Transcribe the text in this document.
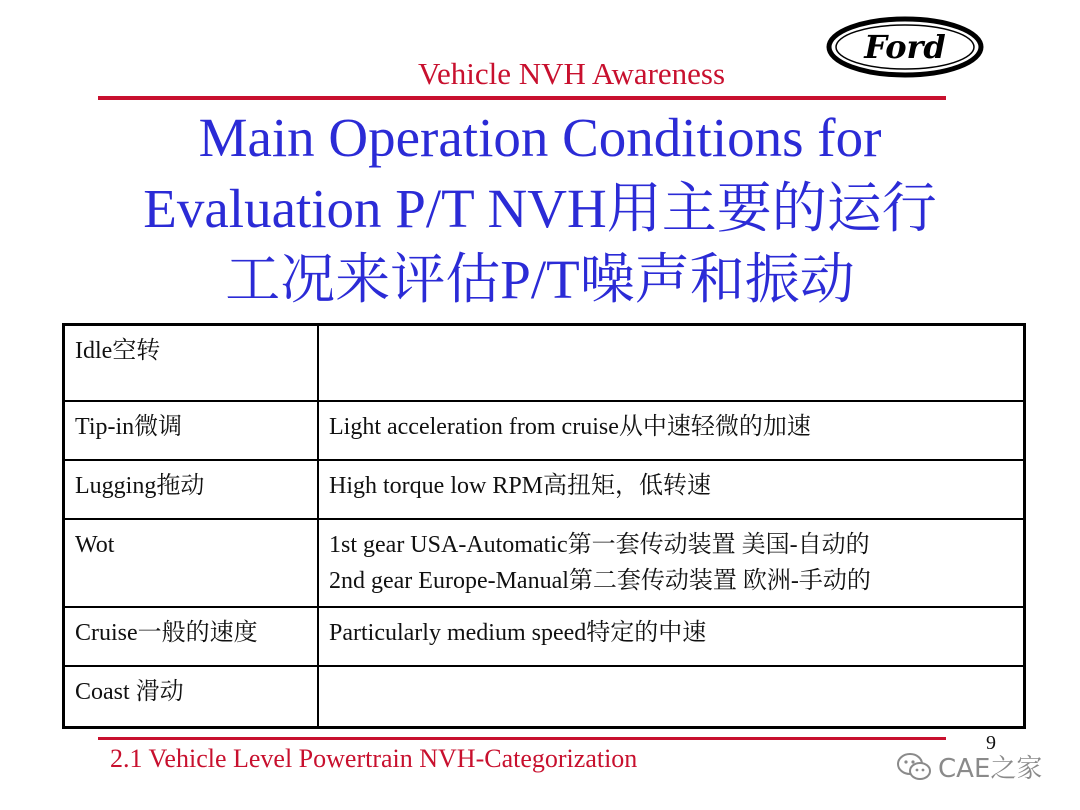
Vehicle NVH Awareness
Ford
Main Operation Conditions for
Evaluation P/T NVH用主要的运行
工况来评估P/T噪声和振动
Idle空转	
Tip-in微调	Light acceleration from cruise从中速轻微的加速

Lugging拖动	High torque low RPM高扭矩，低转速

Wot	1st gear USA-Automatic第一套传动装置 美国-自动的
2nd gear Europe-Manual第二套传动装置 欧洲-手动的

Cruise一般的速度	Particularly medium speed特定的中速

Coast 滑动	
2.1 Vehicle Level Powertrain NVH-Categorization
9
CAE之家
